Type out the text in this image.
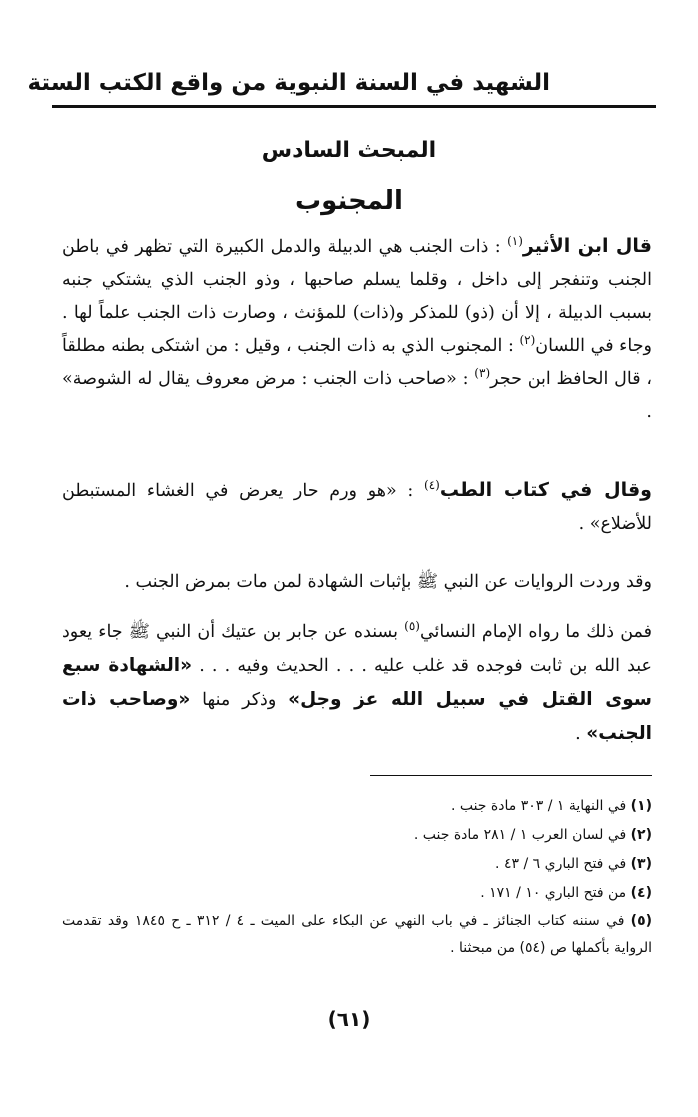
الشهيد في السنة النبوية من واقع الكتب الستة
المبحث السادس
المجنوب
قال ابن الأثير$^{(١)}$ : ذات الجنب هي الدبيلة والدمل الكبيرة التي تظهر في باطن الجنب وتنفجر إلى داخل ، وقلما يسلم صاحبها ، وذو الجنب الذي يشتكي جنبه بسبب الدبيلة ، إلا أن (ذو) للمذكر و(ذات) للمؤنث ، وصارت ذات الجنب علماً لها . وجاء في اللسان$^{(٢)}$ : المجنوب الذي به ذات الجنب ، وقيل : من اشتكى بطنه مطلقاً ، قال الحافظ ابن حجر$^{(٣)}$ : «صاحب ذات الجنب : مرض معروف يقال له الشوصة» .
وقال في كتاب الطب$^{(٤)}$ : «هو ورم حار يعرض في الغشاء المستبطن للأضلاع» .
وقد وردت الروايات عن النبي ﷺ بإثبات الشهادة لمن مات بمرض الجنب .
فمن ذلك ما رواه الإمام النسائي$^{(٥)}$ بسنده عن جابر بن عتيك أن النبي ﷺ جاء يعود عبد الله بن ثابت فوجده قد غلب عليه . . . الحديث وفيه . . . «الشهادة سبع سوى القتل في سبيل الله عز وجل» وذكر منها «وصاحب ذات الجنب» .
(١) في النهاية ١ / ٣٠٣ مادة جنب .
(٢) في لسان العرب ١ / ٢٨١ مادة جنب .
(٣) في فتح الباري ٦ / ٤٣ .
(٤) من فتح الباري ١٠ / ١٧١ .
(٥) في سننه كتاب الجنائز ـ في باب النهي عن البكاء على الميت ـ ٤ / ٣١٢ ـ ح ١٨٤٥ وقد تقدمت الرواية بأكملها ص (٥٤) من مبحثنا .
(٦١)
